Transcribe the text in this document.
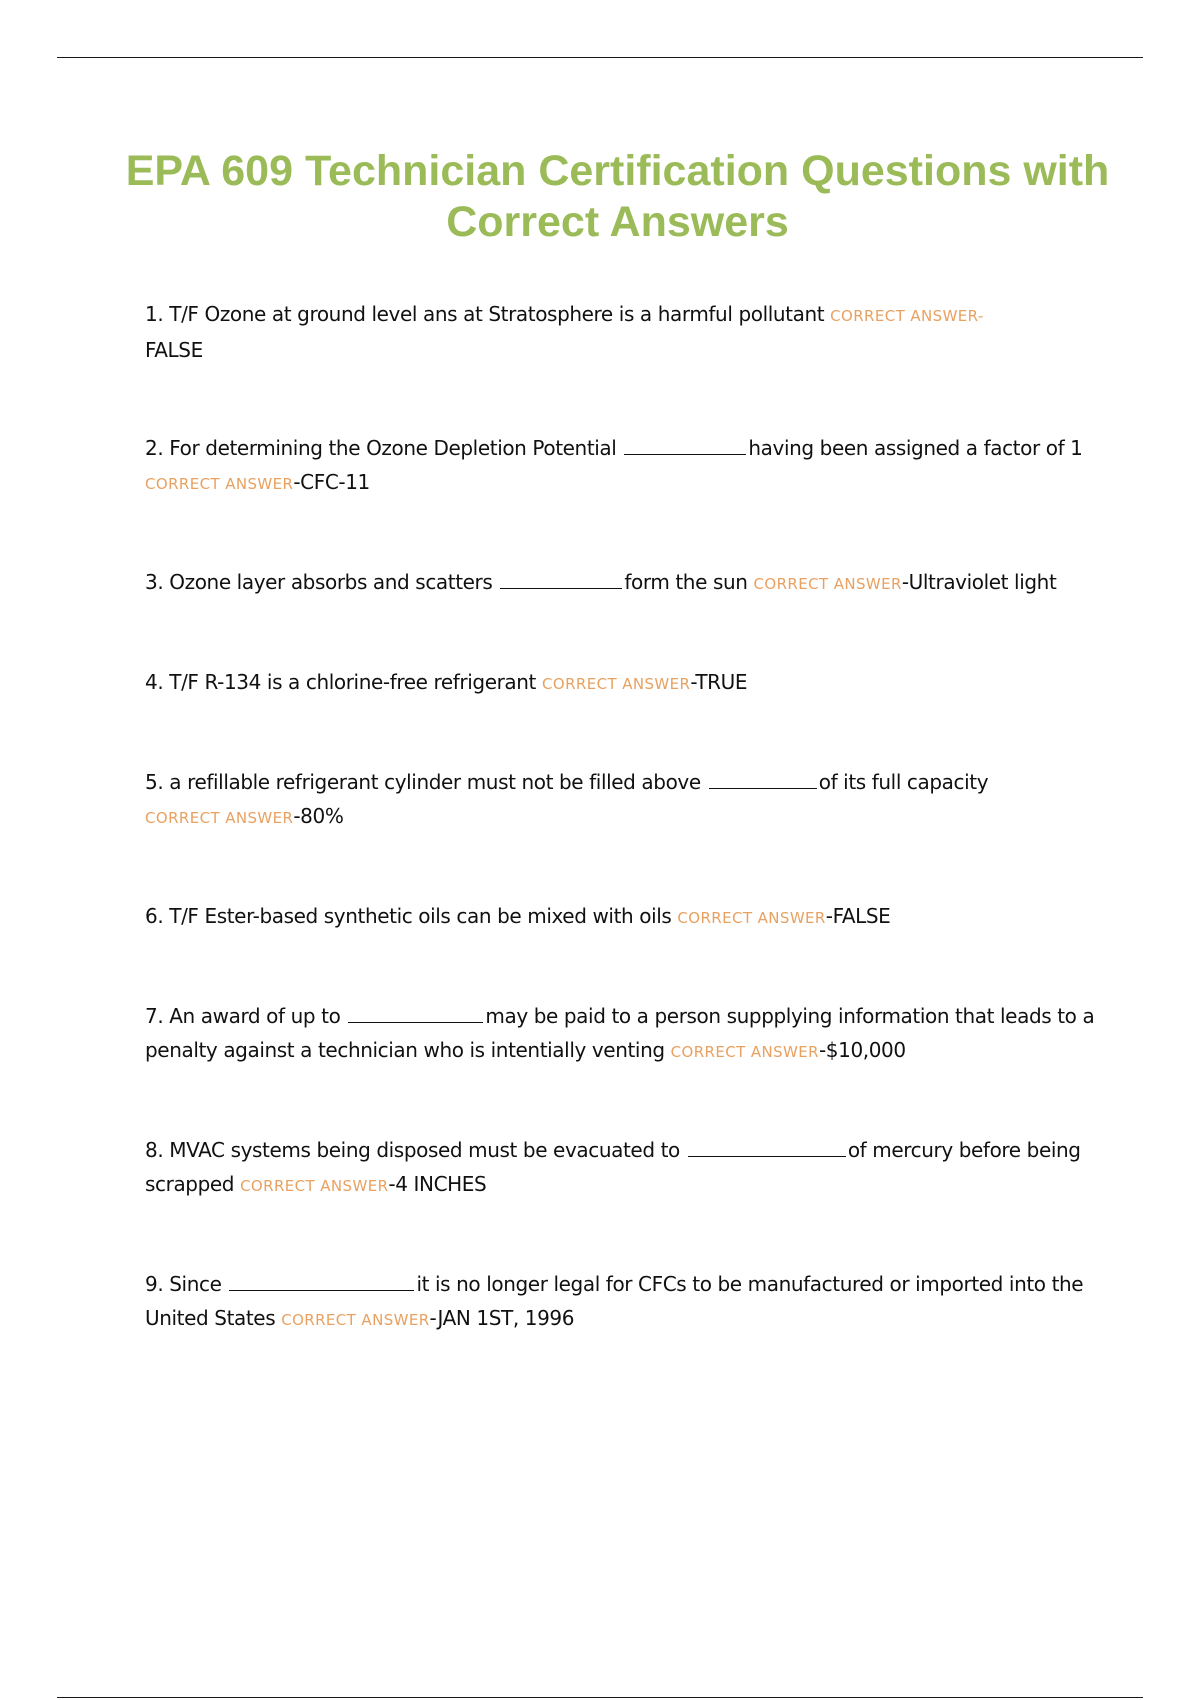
EPA 609 Technician Certification Questions with Correct Answers
1. T/F Ozone at ground level ans at Stratosphere is a harmful pollutant CORRECT ANSWER-
FALSE
2. For determining the Ozone Depletion Potential	having been assigned a factor of 1 CORRECT ANSWER-CFC-11
3. Ozone layer absorbs and scatters	form the sun CORRECT ANSWER-Ultraviolet light
4. T/F R-134 is a chlorine-free refrigerant CORRECT ANSWER-TRUE
5. a refillable refrigerant cylinder must not be filled above	of its full capacity
CORRECT ANSWER-80%
6. T/F Ester-based synthetic oils can be mixed with oils CORRECT ANSWER-FALSE
7. An award of up to	may be paid to a person suppplying information that leads to a penalty against a technician who is intentially venting CORRECT ANSWER-$10,000
8. MVAC systems being disposed must be evacuated to	of mercury before being scrapped CORRECT ANSWER-4 INCHES
9. Since	it is no longer legal for CFCs to be manufactured or imported into the United States CORRECT ANSWER-JAN 1ST, 1996
